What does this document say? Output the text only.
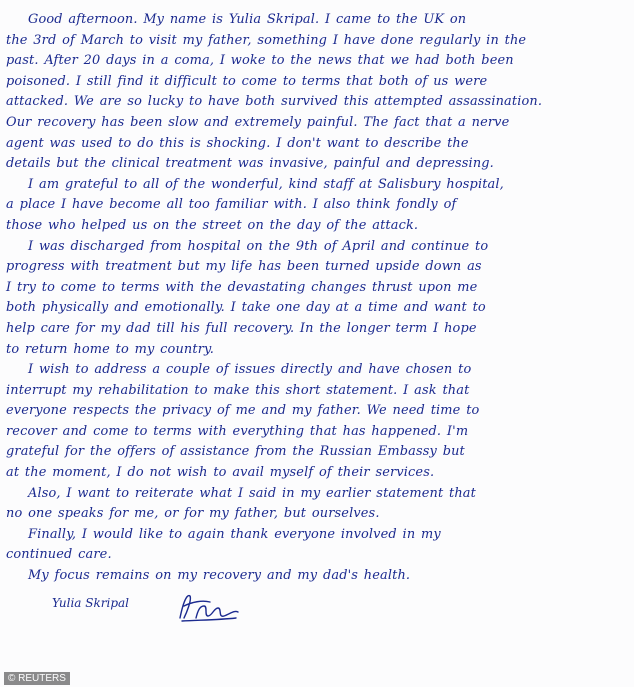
Good afternoon. My name is Yulia Skripal. I came to the UK on
the 3rd of March to visit my father, something I have done regularly in the
past. After 20 days in a coma, I woke to the news that we had both been
poisoned. I still find it difficult to come to terms that both of us were
attacked. We are so lucky to have both survived this attempted assassination.
Our recovery has been slow and extremely painful. The fact that a nerve
agent was used to do this is shocking. I don't want to describe the
details but the clinical treatment was invasive, painful and depressing.
I am grateful to all of the wonderful, kind staff at Salisbury hospital,
a place I have become all too familiar with. I also think fondly of
those who helped us on the street on the day of the attack.
I was discharged from hospital on the 9th of April and continue to
progress with treatment but my life has been turned upside down as
I try to come to terms with the devastating changes thrust upon me
both physically and emotionally. I take one day at a time and want to
help care for my dad till his full recovery. In the longer term I hope
to return home to my country.
I wish to address a couple of issues directly and have chosen to
interrupt my rehabilitation to make this short statement. I ask that
everyone respects the privacy of me and my father. We need time to
recover and come to terms with everything that has happened. I'm
grateful for the offers of assistance from the Russian Embassy but
at the moment, I do not wish to avail myself of their services.
Also, I want to reiterate what I said in my earlier statement that
no one speaks for me, or for my father, but ourselves.
Finally, I would like to again thank everyone involved in my
continued care.
My focus remains on my recovery and my dad's health.
Yulia Skripal
© REUTERS
